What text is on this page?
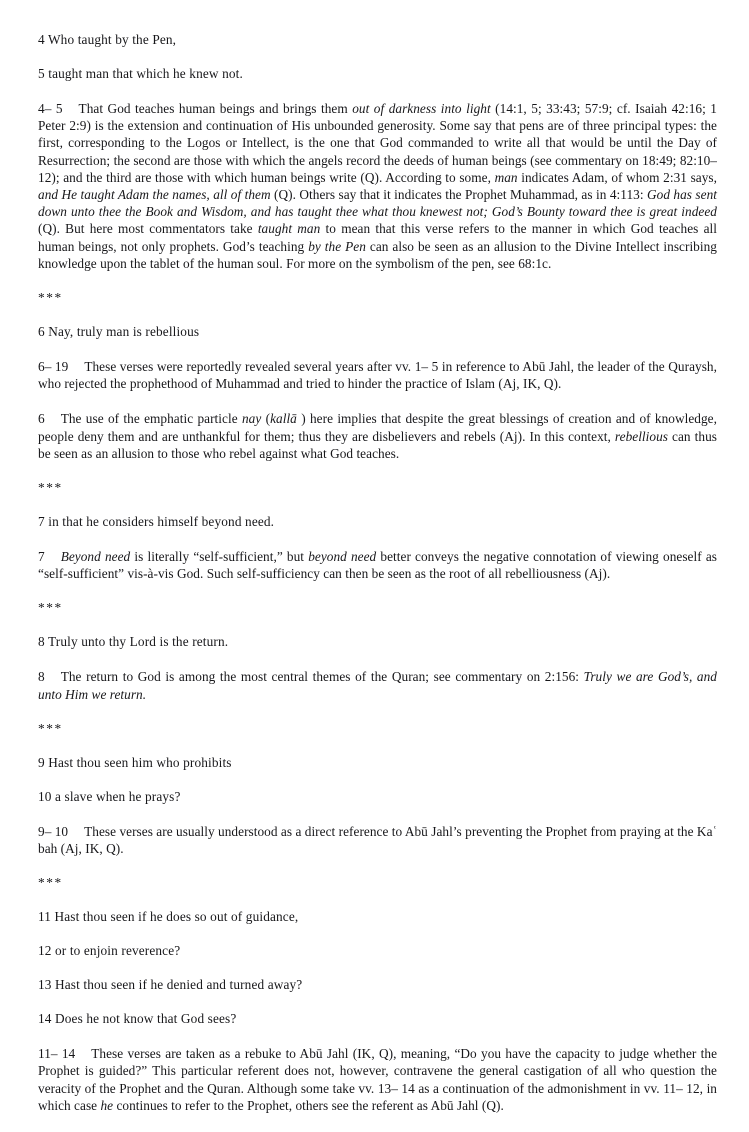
4 Who taught by the Pen,

5 taught man that which he knew not.

4– 5 That God teaches human beings and brings them out of darkness into light (14:1, 5; 33:43; 57:9; cf. Isaiah 42:16; 1 Peter 2:9) is the extension and continuation of His unbounded generosity. Some say that pens are of three principal types: the first, corresponding to the Logos or Intellect, is the one that God commanded to write all that would be until the Day of Resurrection; the second are those with which the angels record the deeds of human beings (see commentary on 18:49; 82:10– 12); and the third are those with which human beings write (Q). According to some, man indicates Adam, of whom 2:31 says, and He taught Adam the names, all of them (Q). Others say that it indicates the Prophet Muhammad, as in 4:113: God has sent down unto thee the Book and Wisdom, and has taught thee what thou knewest not; God’s Bounty toward thee is great indeed (Q). But here most commentators take taught man to mean that this verse refers to the manner in which God teaches all human beings, not only prophets. God’s teaching by the Pen can also be seen as an allusion to the Divine Intellect inscribing knowledge upon the tablet of the human soul. For more on the symbolism of the pen, see 68:1c.

***

6 Nay, truly man is rebellious

6– 19 These verses were reportedly revealed several years after vv. 1– 5 in reference to Abū Jahl, the leader of the Quraysh, who rejected the prophethood of Muhammad and tried to hinder the practice of Islam (Aj, IK, Q).

6 The use of the emphatic particle nay (kallā ) here implies that despite the great blessings of creation and of knowledge, people deny them and are unthankful for them; thus they are disbelievers and rebels (Aj). In this context, rebellious can thus be seen as an allusion to those who rebel against what God teaches.

***

7 in that he considers himself beyond need.

7 Beyond need is literally “self-sufficient,” but beyond need better conveys the negative connotation of viewing oneself as “self-sufficient” vis-à-vis God. Such self-sufficiency can then be seen as the root of all rebelliousness (Aj).

***

8 Truly unto thy Lord is the return.

8 The return to God is among the most central themes of the Quran; see commentary on 2:156: Truly we are God’s, and unto Him we return.

***

9 Hast thou seen him who prohibits

10 a slave when he prays?

9– 10 These verses are usually understood as a direct reference to Abū Jahl’s preventing the Prophet from praying at the Kaʿ bah (Aj, IK, Q).

***

11 Hast thou seen if he does so out of guidance,

12 or to enjoin reverence?

13 Hast thou seen if he denied and turned away?

14 Does he not know that God sees?

11– 14 These verses are taken as a rebuke to Abū Jahl (IK, Q), meaning, “Do you have the capacity to judge whether the Prophet is guided?” This particular referent does not, however, contravene the general castigation of all who question the veracity of the Prophet and the Quran. Although some take vv. 13– 14 as a continuation of the admonishment in vv. 11– 12, in which case he continues to refer to the Prophet, others see the referent as Abū Jahl (Q).
